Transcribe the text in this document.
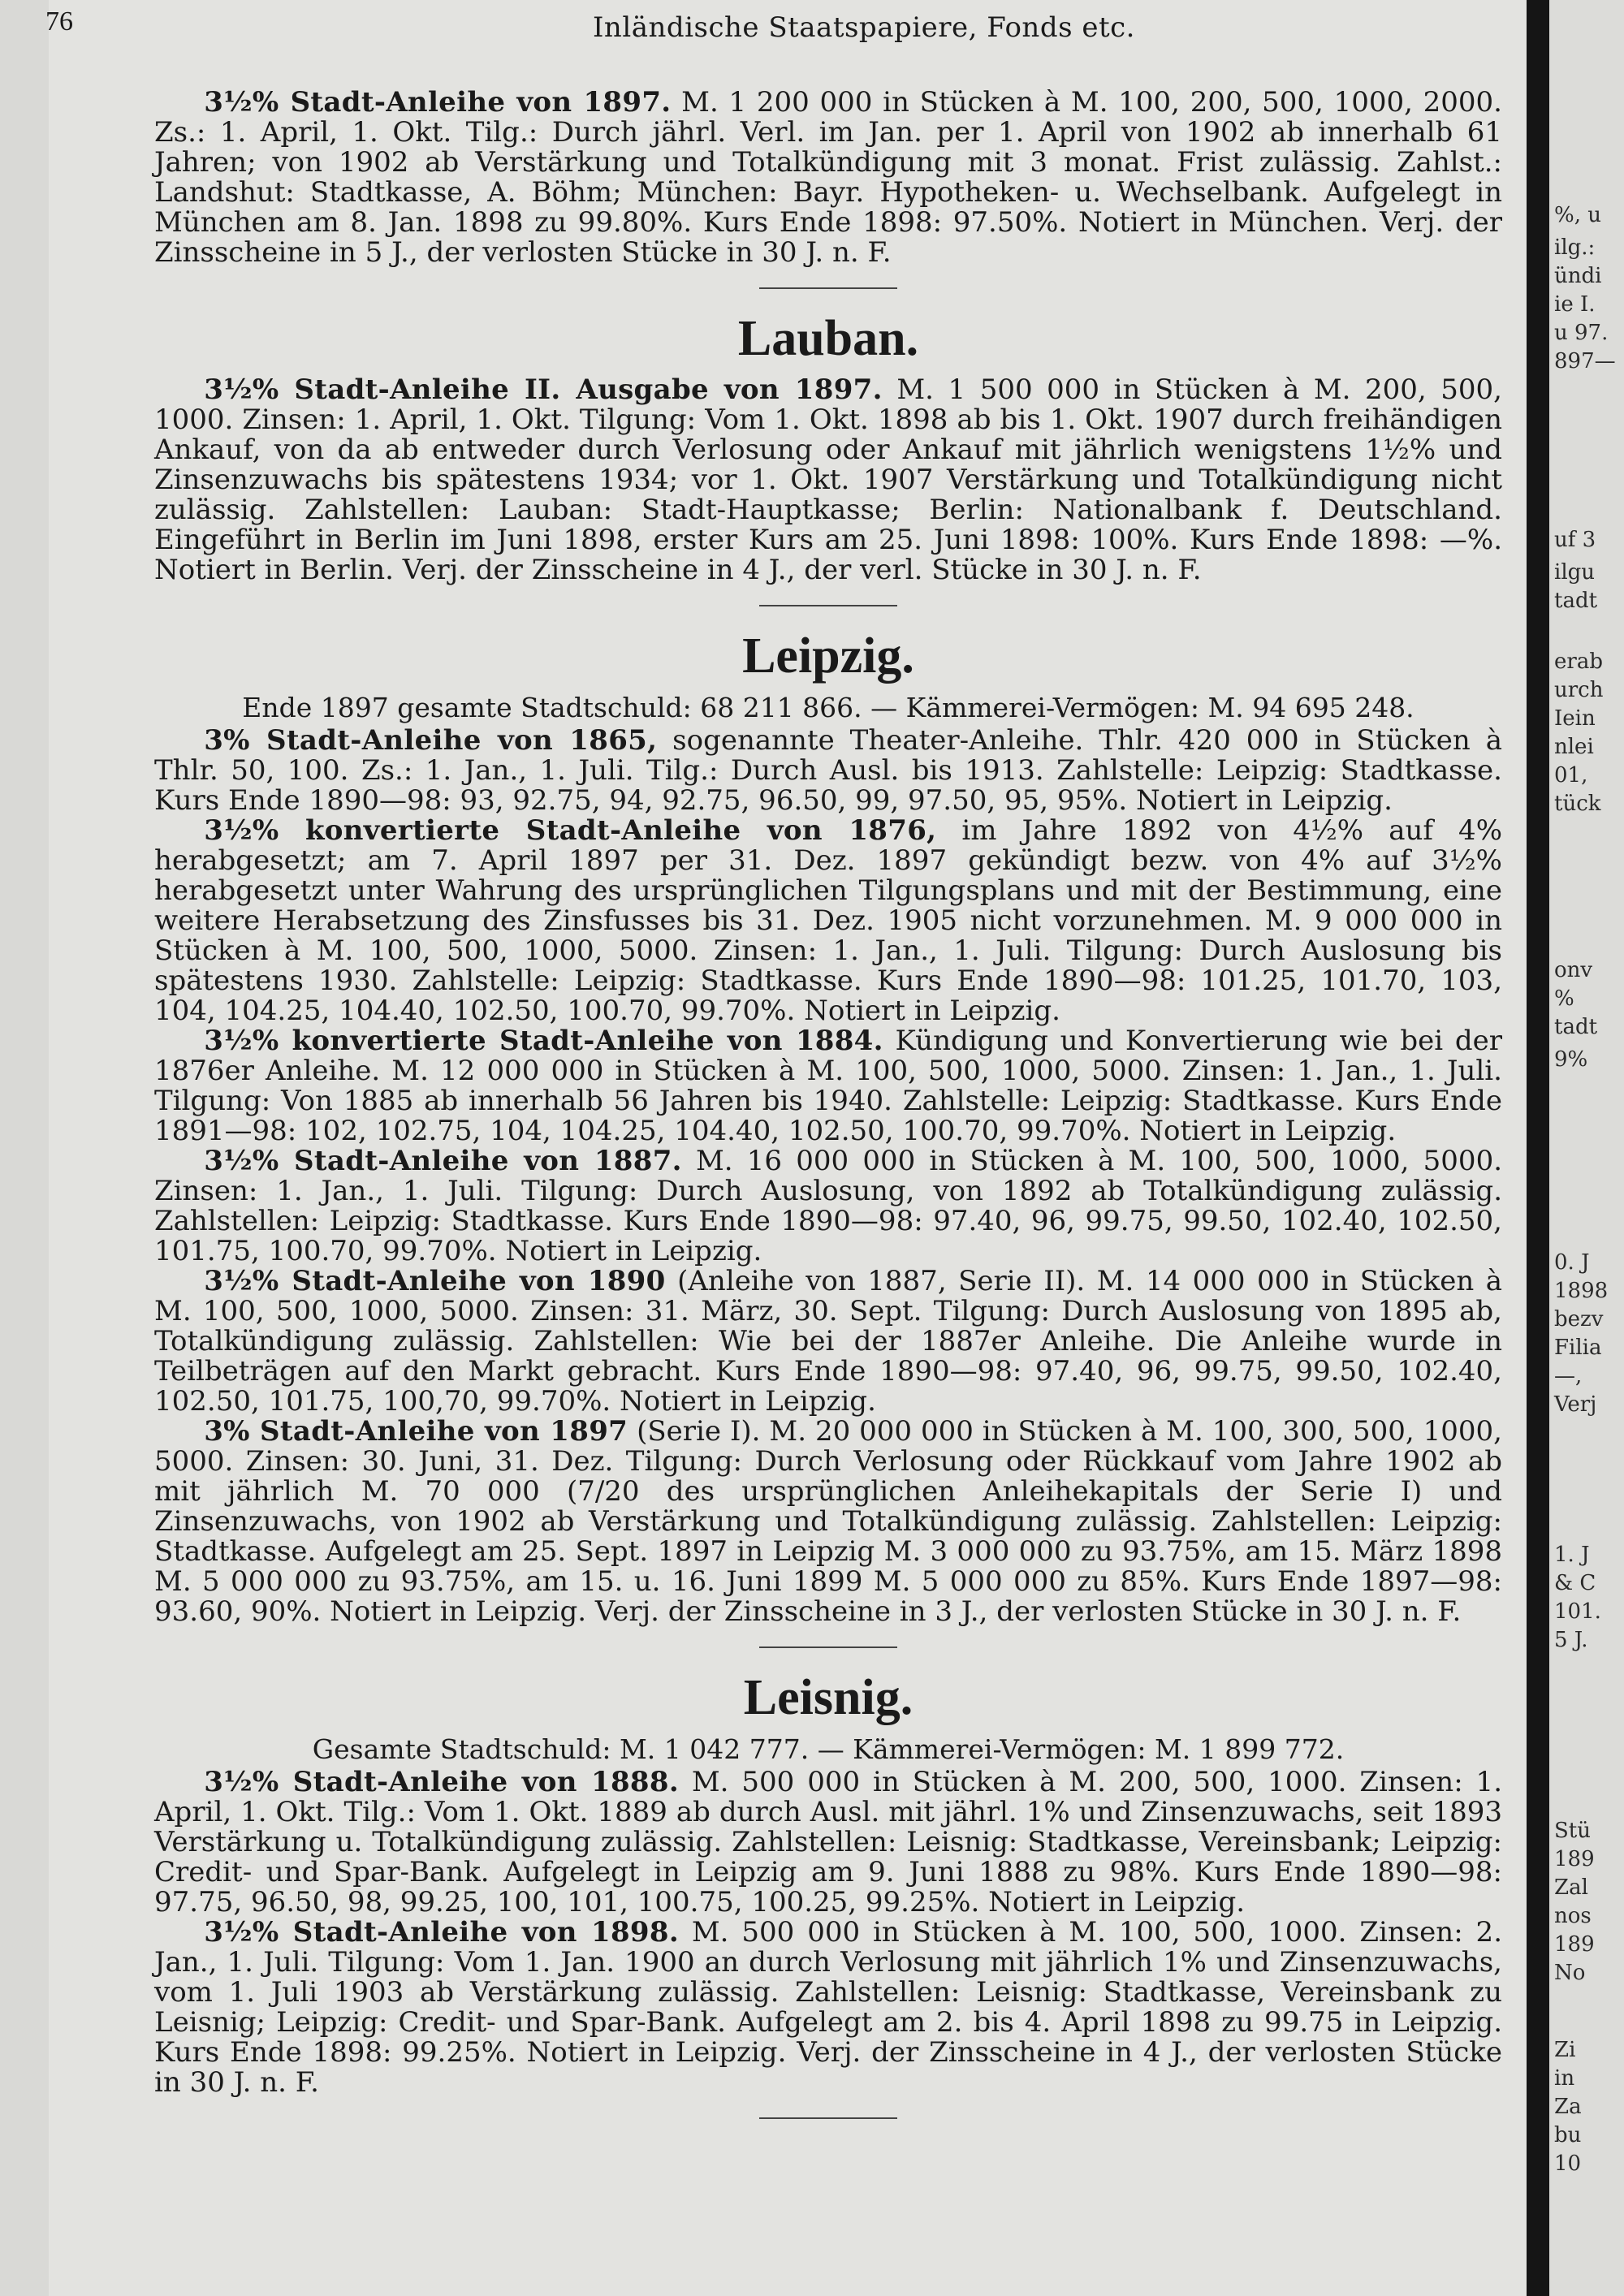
%, u
ilg.:
ündi
ie I.
u 97.
897—
uf 3
ilgu
tadt
erab
urch
Iein
nlei
01,
tück
onv
%
tadt
9%
0. J
1898
bezv
Filia
—,
Verj
1. J
& C
101.
5 J.
Stü
189
Zal
nos
189
No
Zi
in
Za
bu
10
76	Inländische Staatspapiere, Fonds etc.

3½% Stadt-Anleihe von 1897. M. 1 200 000 in Stücken à M. 100, 200, 500, 1000, 2000. Zs.: 1. April, 1. Okt. Tilg.: Durch jährl. Verl. im Jan. per 1. April von 1902 ab innerhalb 61 Jahren; von 1902 ab Verstärkung und Totalkündigung mit 3 monat. Frist zulässig. Zahlst.: Landshut: Stadtkasse, A. Böhm; München: Bayr. Hypotheken- u. Wechselbank. Aufgelegt in München am 8. Jan. 1898 zu 99.80%. Kurs Ende 1898: 97.50%. Notiert in München. Verj. der Zinsscheine in 5 J., der verlosten Stücke in 30 J. n. F.

Lauban.

3½% Stadt-Anleihe II. Ausgabe von 1897. M. 1 500 000 in Stücken à M. 200, 500, 1000. Zinsen: 1. April, 1. Okt. Tilgung: Vom 1. Okt. 1898 ab bis 1. Okt. 1907 durch freihändigen Ankauf, von da ab entweder durch Verlosung oder Ankauf mit jährlich wenigstens 1½% und Zinsenzuwachs bis spätestens 1934; vor 1. Okt. 1907 Verstärkung und Totalkündigung nicht zulässig. Zahlstellen: Lauban: Stadt-Hauptkasse; Berlin: Nationalbank f. Deutschland. Eingeführt in Berlin im Juni 1898, erster Kurs am 25. Juni 1898: 100%. Kurs Ende 1898: —%. Notiert in Berlin. Verj. der Zinsscheine in 4 J., der verl. Stücke in 30 J. n. F.

Leipzig.
Ende 1897 gesamte Stadtschuld: 68 211 866. — Kämmerei-Vermögen: M. 94 695 248.

3% Stadt-Anleihe von 1865, sogenannte Theater-Anleihe. Thlr. 420 000 in Stücken à Thlr. 50, 100. Zs.: 1. Jan., 1. Juli. Tilg.: Durch Ausl. bis 1913. Zahlstelle: Leipzig: Stadtkasse. Kurs Ende 1890—98: 93, 92.75, 94, 92.75, 96.50, 99, 97.50, 95, 95%. Notiert in Leipzig.

3½% konvertierte Stadt-Anleihe von 1876, im Jahre 1892 von 4½% auf 4% herabgesetzt; am 7. April 1897 per 31. Dez. 1897 gekündigt bezw. von 4% auf 3½% herabgesetzt unter Wahrung des ursprünglichen Tilgungsplans und mit der Bestimmung, eine weitere Herabsetzung des Zinsfusses bis 31. Dez. 1905 nicht vorzunehmen. M. 9 000 000 in Stücken à M. 100, 500, 1000, 5000. Zinsen: 1. Jan., 1. Juli. Tilgung: Durch Auslosung bis spätestens 1930. Zahlstelle: Leipzig: Stadtkasse. Kurs Ende 1890—98: 101.25, 101.70, 103, 104, 104.25, 104.40, 102.50, 100.70, 99.70%. Notiert in Leipzig.

3½% konvertierte Stadt-Anleihe von 1884. Kündigung und Konvertierung wie bei der 1876er Anleihe. M. 12 000 000 in Stücken à M. 100, 500, 1000, 5000. Zinsen: 1. Jan., 1. Juli. Tilgung: Von 1885 ab innerhalb 56 Jahren bis 1940. Zahlstelle: Leipzig: Stadtkasse. Kurs Ende 1891—98: 102, 102.75, 104, 104.25, 104.40, 102.50, 100.70, 99.70%. Notiert in Leipzig.

3½% Stadt-Anleihe von 1887. M. 16 000 000 in Stücken à M. 100, 500, 1000, 5000. Zinsen: 1. Jan., 1. Juli. Tilgung: Durch Auslosung, von 1892 ab Totalkündigung zulässig. Zahlstellen: Leipzig: Stadtkasse. Kurs Ende 1890—98: 97.40, 96, 99.75, 99.50, 102.40, 102.50, 101.75, 100.70, 99.70%. Notiert in Leipzig.

3½% Stadt-Anleihe von 1890 (Anleihe von 1887, Serie II). M. 14 000 000 in Stücken à M. 100, 500, 1000, 5000. Zinsen: 31. März, 30. Sept. Tilgung: Durch Auslosung von 1895 ab, Totalkündigung zulässig. Zahlstellen: Wie bei der 1887er Anleihe. Die Anleihe wurde in Teilbeträgen auf den Markt gebracht. Kurs Ende 1890—98: 97.40, 96, 99.75, 99.50, 102.40, 102.50, 101.75, 100,70, 99.70%. Notiert in Leipzig.

3% Stadt-Anleihe von 1897 (Serie I). M. 20 000 000 in Stücken à M. 100, 300, 500, 1000, 5000. Zinsen: 30. Juni, 31. Dez. Tilgung: Durch Verlosung oder Rückkauf vom Jahre 1902 ab mit jährlich M. 70 000 (7/20 des ursprünglichen Anleihekapitals der Serie I) und Zinsenzuwachs, von 1902 ab Verstärkung und Totalkündigung zulässig. Zahlstellen: Leipzig: Stadtkasse. Aufgelegt am 25. Sept. 1897 in Leipzig M. 3 000 000 zu 93.75%, am 15. März 1898 M. 5 000 000 zu 93.75%, am 15. u. 16. Juni 1899 M. 5 000 000 zu 85%. Kurs Ende 1897—98: 93.60, 90%. Notiert in Leipzig. Verj. der Zinsscheine in 3 J., der verlosten Stücke in 30 J. n. F.

Leisnig.
Gesamte Stadtschuld: M. 1 042 777. — Kämmerei-Vermögen: M. 1 899 772.

3½% Stadt-Anleihe von 1888. M. 500 000 in Stücken à M. 200, 500, 1000. Zinsen: 1. April, 1. Okt. Tilg.: Vom 1. Okt. 1889 ab durch Ausl. mit jährl. 1% und Zinsenzuwachs, seit 1893 Verstärkung u. Totalkündigung zulässig. Zahlstellen: Leisnig: Stadtkasse, Vereinsbank; Leipzig: Credit- und Spar-Bank. Aufgelegt in Leipzig am 9. Juni 1888 zu 98%. Kurs Ende 1890—98: 97.75, 96.50, 98, 99.25, 100, 101, 100.75, 100.25, 99.25%. Notiert in Leipzig.

3½% Stadt-Anleihe von 1898. M. 500 000 in Stücken à M. 100, 500, 1000. Zinsen: 2. Jan., 1. Juli. Tilgung: Vom 1. Jan. 1900 an durch Verlosung mit jährlich 1% und Zinsenzuwachs, vom 1. Juli 1903 ab Verstärkung zulässig. Zahlstellen: Leisnig: Stadtkasse, Vereinsbank zu Leisnig; Leipzig: Credit- und Spar-Bank. Aufgelegt am 2. bis 4. April 1898 zu 99.75 in Leipzig. Kurs Ende 1898: 99.25%. Notiert in Leipzig. Verj. der Zinsscheine in 4 J., der verlosten Stücke in 30 J. n. F.
